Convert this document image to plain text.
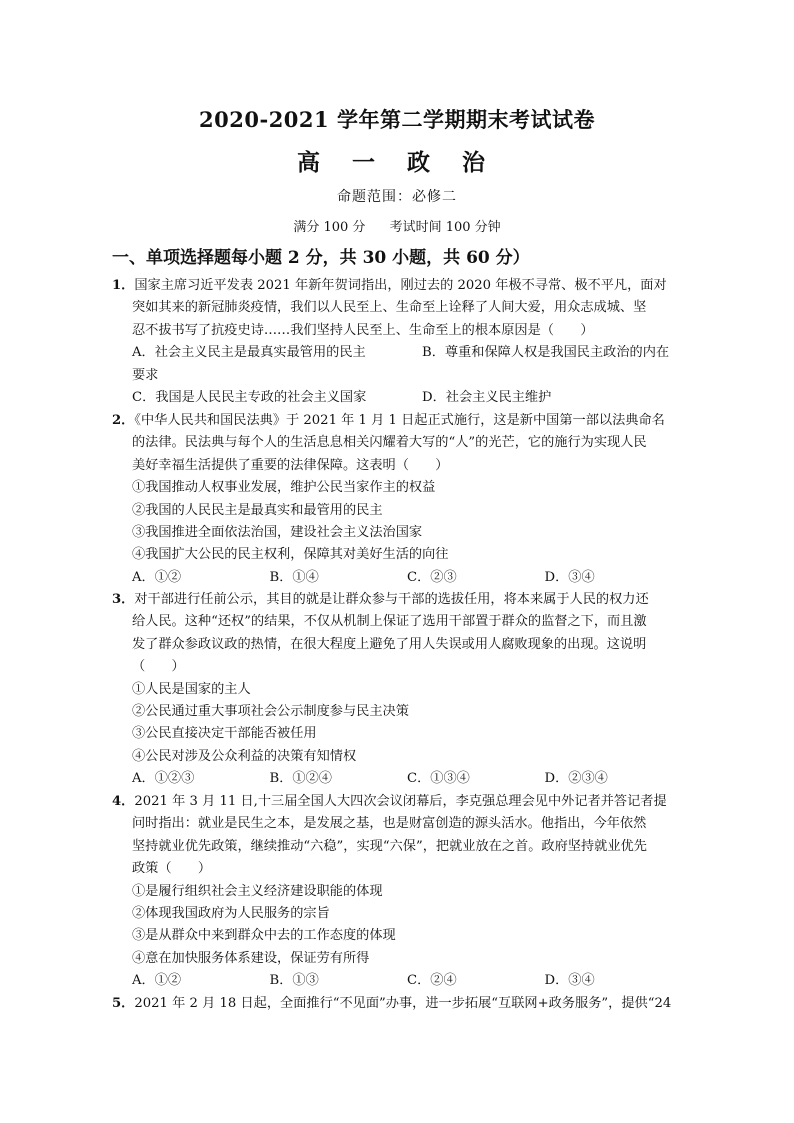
2020-2021 学年第二学期期末考试试卷
高 一 政 治
命题范围：必修二
满分 100 分 考试时间 100 分钟
一、单项选择题每小题 2 分，共 30 小题，共 60 分）
1．国家主席习近平发表 2021 年新年贺词指出，刚过去的 2020 年极不寻常、极不平凡，面对
突如其来的新冠肺炎疫情，我们以人民至上、生命至上诠释了人间大爱，用众志成城、坚
忍不拔书写了抗疫史诗……我们坚持人民至上、生命至上的根本原因是（　　）
A．社会主义民主是最真实最管用的民主	B．尊重和保障人权是我国民主政治的内在
要求
C．我国是人民民主专政的社会主义国家	D．社会主义民主维护
2．《中华人民共和国民法典》于 2021 年 1 月 1 日起正式施行，这是新中国第一部以法典命名
的法律。民法典与每个人的生活息息相关闪耀着大写的“人”的光芒，它的施行为实现人民
美好幸福生活提供了重要的法律保障。这表明（　　）
①我国推动人权事业发展，维护公民当家作主的权益
②我国的人民民主是最真实和最管用的民主
③我国推进全面依法治国，建设社会主义法治国家
④我国扩大公民的民主权利，保障其对美好生活的向往
A．①②	B．①④	C．②③	D．③④
3．对干部进行任前公示，其目的就是让群众参与干部的选拔任用，将本来属于人民的权力还
给人民。这种“还权”的结果，不仅从机制上保证了选用干部置于群众的监督之下，而且激
发了群众参政议政的热情，在很大程度上避免了用人失误或用人腐败现象的出现。这说明
（　　）
①人民是国家的主人
②公民通过重大事项社会公示制度参与民主决策
③公民直接决定干部能否被任用
④公民对涉及公众利益的决策有知情权
A．①②③	B．①②④	C．①③④	D．②③④
4．2021 年 3 月 11 日,十三届全国人大四次会议闭幕后，李克强总理会见中外记者并答记者提
问时指出：就业是民生之本，是发展之基，也是财富创造的源头活水。他指出，今年依然
坚持就业优先政策，继续推动“六稳”，实现“六保”，把就业放在之首。政府坚持就业优先
政策（　　）
①是履行组织社会主义经济建设职能的体现
②体现我国政府为人民服务的宗旨
③是从群众中来到群众中去的工作态度的体现
④意在加快服务体系建设，保证劳有所得
A．①②	B．①③	C．②④	D．③④
5．2021 年 2 月 18 日起，全面推行“不见面”办事，进一步拓展“互联网+政务服务”，提供“24
